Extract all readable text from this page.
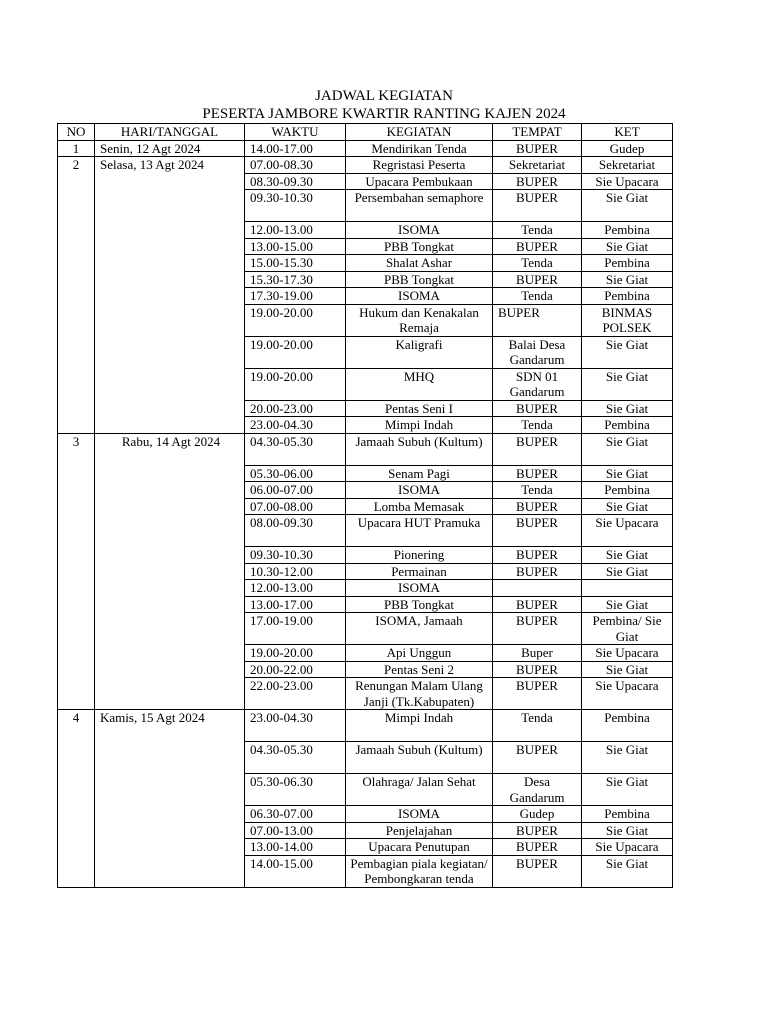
JADWAL KEGIATAN
PESERTA JAMBORE KWARTIR RANTING KAJEN 2024
NO	HARI/TANGGAL	WAKTU	KEGIATAN	TEMPAT	KET
1	Senin, 12 Agt 2024	14.00-17.00	Mendirikan Tenda	BUPER	Gudep
2	Selasa, 13 Agt 2024	07.00-08.30	Regristasi Peserta	Sekretariat	Sekretariat
		08.30-09.30	Upacara Pembukaan	BUPER	Sie Upacara
		09.30-10.30	Persembahan semaphore	BUPER	Sie Giat
		12.00-13.00	ISOMA	Tenda	Pembina
		13.00-15.00	PBB Tongkat	BUPER	Sie Giat
		15.00-15.30	Shalat Ashar	Tenda	Pembina
		15.30-17.30	PBB Tongkat	BUPER	Sie Giat
		17.30-19.00	ISOMA	Tenda	Pembina
		19.00-20.00	Hukum dan Kenakalan Remaja	BUPER	BINMAS POLSEK
		19.00-20.00	Kaligrafi	Balai Desa Gandarum	Sie Giat
		19.00-20.00	MHQ	SDN 01 Gandarum	Sie Giat
		20.00-23.00	Pentas Seni I	BUPER	Sie Giat
		23.00-04.30	Mimpi Indah	Tenda	Pembina
3	Rabu, 14 Agt 2024	04.30-05.30	Jamaah Subuh (Kultum)	BUPER	Sie Giat
		05.30-06.00	Senam Pagi	BUPER	Sie Giat
		06.00-07.00	ISOMA	Tenda	Pembina
		07.00-08.00	Lomba Memasak	BUPER	Sie Giat
		08.00-09.30	Upacara HUT Pramuka	BUPER	Sie Upacara
		09.30-10.30	Pionering	BUPER	Sie Giat
		10.30-12.00	Permainan	BUPER	Sie Giat
		12.00-13.00	ISOMA		
		13.00-17.00	PBB Tongkat	BUPER	Sie Giat
		17.00-19.00	ISOMA, Jamaah	BUPER	Pembina/ Sie Giat
		19.00-20.00	Api Unggun	Buper	Sie Upacara
		20.00-22.00	Pentas Seni 2	BUPER	Sie Giat
		22.00-23.00	Renungan Malam Ulang Janji (Tk.Kabupaten)	BUPER	Sie Upacara
4	Kamis, 15 Agt 2024	23.00-04.30	Mimpi Indah	Tenda	Pembina
		04.30-05.30	Jamaah Subuh (Kultum)	BUPER	Sie Giat
		05.30-06.30	Olahraga/ Jalan Sehat	Desa Gandarum	Sie Giat
		06.30-07.00	ISOMA	Gudep	Pembina
		07.00-13.00	Penjelajahan	BUPER	Sie Giat
		13.00-14.00	Upacara Penutupan	BUPER	Sie Upacara
		14.00-15.00	Pembagian piala kegiatan/ Pembongkaran tenda	BUPER	Sie Giat
